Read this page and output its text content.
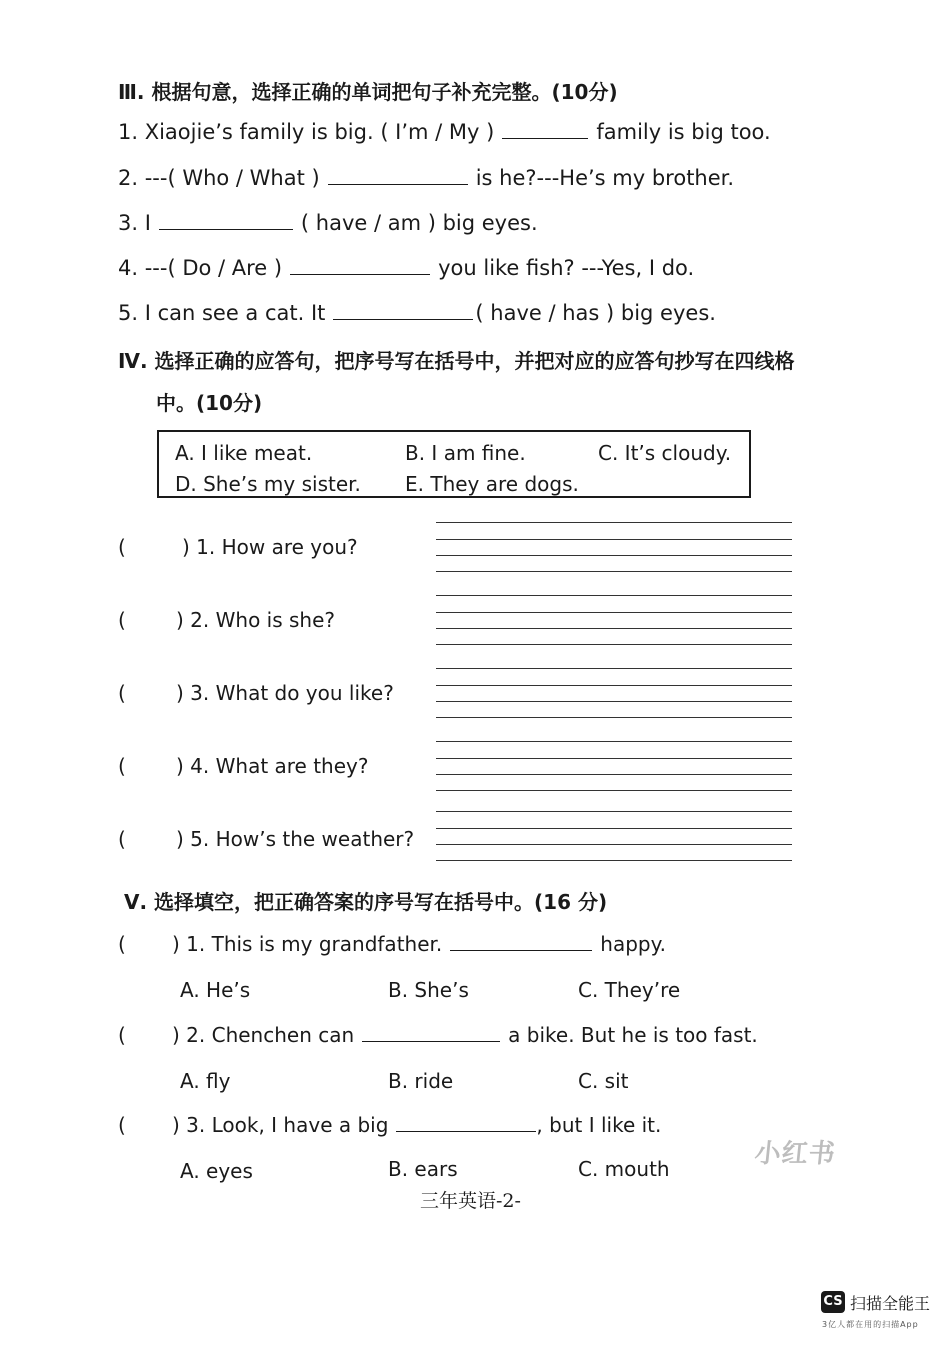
Ⅲ. 根据句意，选择正确的单词把句子补充完整。(10分)
1. Xiaojie’s family is big. ( I’m / My )	family is big too.
2. ---( Who / What )	is he?---He’s my brother.
3. I	( have / am ) big eyes.
4. ---( Do / Are )	you like fish? ---Yes, I do.
5. I can see a cat. It	( have / has ) big eyes.
Ⅳ. 选择正确的应答句，把序号写在括号中，并把对应的应答句抄写在四线格
中。(10分)
A. I like meat.	B. I am fine.	C. It’s cloudy.
D. She’s my sister. E. They are dogs.
(	) 1. How are you?
(	) 2. Who is she?
(	) 3. What do you like?
(	) 4. What are they?
(	) 5. How’s the weather?
Ⅴ. 选择填空，把正确答案的序号写在括号中。(16 分)
( ) 1. This is my grandfather.	happy.
A. He’s	B. She’s	C. They’re
( ) 2. Chenchen can	a bike. But he is too fast.
A. fly	B. ride	C. sit
( ) 3. Look, I have a big	, but I like it.
A. eyes	B. ears	C. mouth
三年英语-2-
小红书
CS 扫描全能王
3亿人都在用的扫描App
